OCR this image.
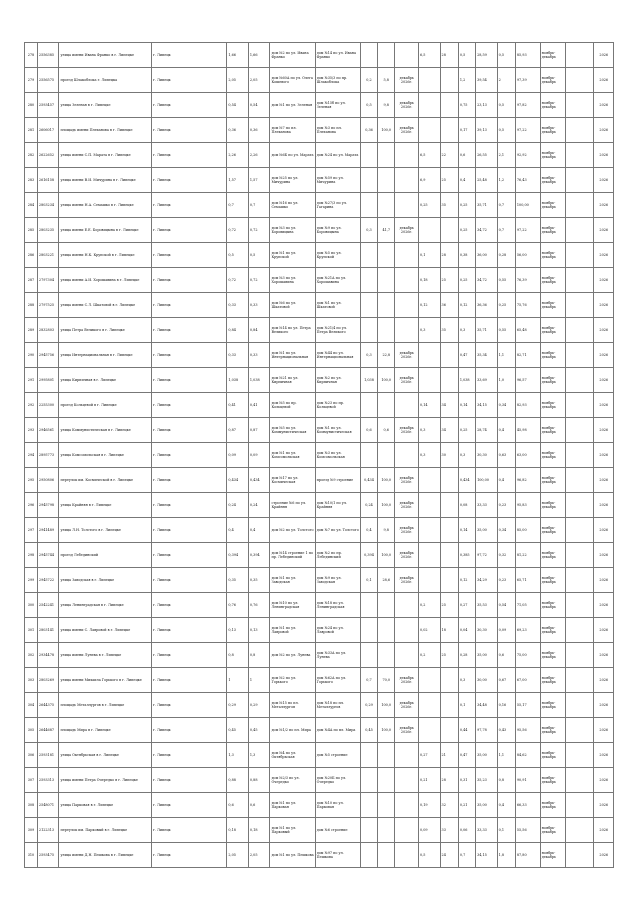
278	2556385	улица имени Ивана Франко в г. Липецке	г. Липецк	1,66	1,66	дом №2 по ул. Ивана Франко	дом №14 по ул. Ивана Франко				6,5	28	0,5	28,59	0,5	85,93	ноябрь-декабрь		2026
279	2556575	проезд Шлакоблока г. Липецка	г. Липецк	2,05	2,05	дом №60А по ул. Олега Кошевого	дом №35/3 по пр. Шлакоблока	0,2	5,8	декабрь 2026г.			1,2	39,54	2	97,39	ноябрь-декабрь		2026
280	2593457	улица Зеленая в г. Липецке	г. Липецк	0,54	0,54	дом №1 по ул. Зеленая	дом №15б по ул. Зеленая	0,5	9,8	декабрь 2026г.			0,75	23,13	0,5	97,82	ноябрь-декабрь		2026
281	2606017	площадь имени Плеханова в г. Липецке	г. Липецк	0,36	0,36	дом №7 по пл. Плеханова	дом №3 по пл. Плеханова	0,36	100,0	декабрь 2026г.			0,17	39,13	0,5	97,22	ноябрь-декабрь		2026
282	2622652	улица имени С.П. Марата в г. Липецке	г. Липецк	2,26	2,26	дом №6Б по ул. Марата	дом №24 по ул. Марата				6,5	22	0,6	26,55	2,1	92,92	ноябрь-декабрь		2026
283	2616158	улица имени В.И. Мичурина в г. Липецке	г. Липецк	1,57	1,57	дом №25 по ул. Мичурина	дом №59 по ул. Мичурина				6,9	25	0,4	25,48	1,2	76,43	ноябрь-декабрь		2026
284	2803234	улица имени Н.А. Семашко в г. Липецке	г. Липецк	0,7	0,7	дом №16 по ул. Семашко	дом №27/3 по ул. Гагарина				0,25	35	0,25	35,71	0,7	100,00	ноябрь-декабрь		2026
285	2803235	улица имени Е.Е. Боровицына в г. Липецке	г. Липецк	0,72	0,72	дом №3 по ул. Боровицына	дом №9 по ул. Боровицына	0,3	41,7	декабрь 2026г.			0,25	34,72	0,7	97,22	ноябрь-декабрь		2026
286	2803221	улица имени Н.К. Крупской в г. Липецке	г. Липецк	0,5	0,5	дом №1 по ул. Крупской	дом №5 по ул. Крупской				0,1	28	0,38	36,00	0,28	56,00	ноябрь-декабрь		2026
287	2797304	улица имени А.И. Хорошавина в г. Липецке	г. Липецк	0,72	0,72	дом №3 по ул. Хорошавина	дом №21А по ул. Хорошавина				0,18	25	0,25	34,72	0,55	76,39	ноябрь-декабрь		2026
288	2797525	улица имени С.Л. Шкатовой в г. Липецке	г. Липецк	0,33	0,33	дом №6 по ул. Шкатовой	дом №1 по ул. Шкатовой				0,12	36	0,12	36,36	0,25	75,76	ноябрь-декабрь		2026
289	2832803	улица Петра Великого в г. Липецке	г. Липецк	0,84	0,84	дом №14 по ул. Петра Великого	дом №21/4 по ул. Петра Великого				0,3	35	0,3	35,71	0,55	65,48	ноябрь-декабрь		2026
290	2945756	улица Интернациональная в г. Липецке	г. Липецк	0,33	0,33	дом №1 по ул. Интернациональная	дом №44 по ул. Интернациональная	0,3	22,8	декабрь 2026г.			0,47	35,34	1,1	82,71	ноябрь-декабрь		2026
291	2995801	улица Кирпичная в г. Липецке	г. Липецк	1,038	1,038	дом №21 по ул. Кирпичная	дом №2 по ул. Кирпичная	1,038	100,0	декабрь 2026г.			1,038	33,69	1,0	96,57	ноябрь-декабрь		2026
292	2255300	проезд Кольцевой в г. Липецке	г. Липецк	0,41	0,41	дом №5 по пр. Кольцевой	дом №23 по пр. Кольцевой				0,14	34	0,14	34,15	0,34	82,93	ноябрь-декабрь		2026
293	2946561	улица Коммунистическая в г. Липецке	г. Липецк	0,87	0,87	дом №5 по ул. Коммунистическая	дом №1 по ул. Коммунистическая	0,6	0,6	декабрь 2026г.	0,3	34	0,25	28,74	0,4	45,98	ноябрь-декабрь		2026
294	2895773	улица Комсомольская в г. Липецке	г. Липецк	0,09	0,09	дом №1 по ул. Комсомольская	дом №3 по ул. Комсомольская				0,3	30	0,3	30,30	0,63	63,00	ноябрь-декабрь		2026
295	2950806	переулок им. Космической в г. Липецке	г. Липецк	0,434	0,434	дом №17 по ул. Космическая	проезд №9 строение	0,434	100,0	декабрь 2026г.			0,434	100,00	0,4	96,82	ноябрь-декабрь		2026
296	2945798	улица Крайняя в г. Липецке	г. Липецк	0,24	0,24	строение №6 по ул. Крайняя	дом №10/1 по ул. Крайняя	0,24	100,0	декабрь 2026г.			0,08	33,33	0,23	95,83	ноябрь-декабрь		2026
297	2941489	улица Л.Н. Толстого в г. Липецке	г. Липецк	0,4	0,4	дом №2 по ул. Толстого	дом №7 по ул. Толстого	0,4	9,8	декабрь 2026г.			0,14	35,00	0,34	85,00	ноябрь-декабрь		2026
298	2945744	проезд Лебединский	г. Липецк	0,394	0,394	дом №14 строение 1 по пр. Лебединский	дом №2 по пр. Лебединский	0,394	100,0	декабрь 2026г.			0,385	97,72	0,32	81,22	ноябрь-декабрь		2026
299	2945722	улица Заводская в г. Липецке	г. Липецк	0,35	0,35	дом №1 по ул. Заводская	дом №9 по ул. Заводская	0,1	28,6	декабрь 2026г.			0,12	34,29	0,23	65,71	ноябрь-декабрь		2026
300	2542241	улица Ленинградская в г. Липецке	г. Липецк	0,76	0,76	дом №10 по ул. Ленинградская	дом №18 по ул. Ленинградская				0,2	25	0,27	35,53	0,54	71,05	ноябрь-декабрь		2026
301	2803141	улица имени С. Лавровой в г. Липецке	г. Липецк	0,13	0,13	дом №1 по ул. Лавровой	дом №24 по ул. Лавровой				0,02	18	0,04	30,30	0,09	69,23	ноябрь-декабрь		2026
302	2934478	улица имени Лунева в г. Липецке	г. Липецк	0,8	0,8	дом №2 по ул. Лунева	дом №33А по ул. Лунева				0,2	25	0,28	35,00	0,6	75,00	ноябрь-декабрь		2026
303	2803269	улица имени Михаила Горького в г. Липецке	г. Липецк	1	1	дом №2 по ул. Горького	дом №62А по ул. Горького	0,7	70,0	декабрь 2026г.			0,3	30,00	0,67	67,00	ноябрь-декабрь		2026
304	2644375	площадь Металлургов в г. Липецке	г. Липецк	0,29	0,29	дом №15 по пл. Металлургов	дом №18 по пл. Металлургов	0,29	100,0	декабрь 2026г.			0,1	34,48	0,16	55,17	ноябрь-декабрь		2026
305	2644687	площадь Мира в г. Липецке	г. Липецк	0,45	0,45	дом №1/2 по пл. Мира	дом №4А по пл. Мира	0,45	100,0	декабрь 2026г.			0,44	97,78	0,43	95,56	ноябрь-декабрь		2026
306	2593181	улица Октябрьская в г. Липецке	г. Липецк	1,3	1,3	дом №4 по ул. Октябрьская	дом №5 строение				0,27	21	0,47	35,00	1,1	84,62	ноябрь-декабрь		2026
307	2593313	улица имени Петра Очередко в г. Липецке	г. Липецк	0,88	0,88	дом №2/3 по ул. Очередко	дом №20Б по ул. Очередко				0,21	28	0,31	35,23	0,8	90,91	ноябрь-декабрь		2026
308	2548071	улица Парковая в г. Липецке	г. Липецк	0,6	0,6	дом №1 по ул. Парковая	дом №10 по ул. Парковая				0,19	32	0,21	35,00	0,4	66,33	ноябрь-декабрь		2026
309	2122313	переулок им. Парковый в г. Липецке	г. Липецк	0,18	0,18	дом №1 по ул. Парковый	дом №6 строение				0,09	33	0,06	33,33	0,1	55,56	ноябрь-декабрь		2026
310	2593475	улица имени Д.Н. Пешкова в г. Липецке	г. Липецк	2,05	2,05	дом №1 по ул. Пешкова	дом №97 по ул. Пешкова				0,5	24	0,7	34,15	1,8	87,80	ноябрь-декабрь		2026
